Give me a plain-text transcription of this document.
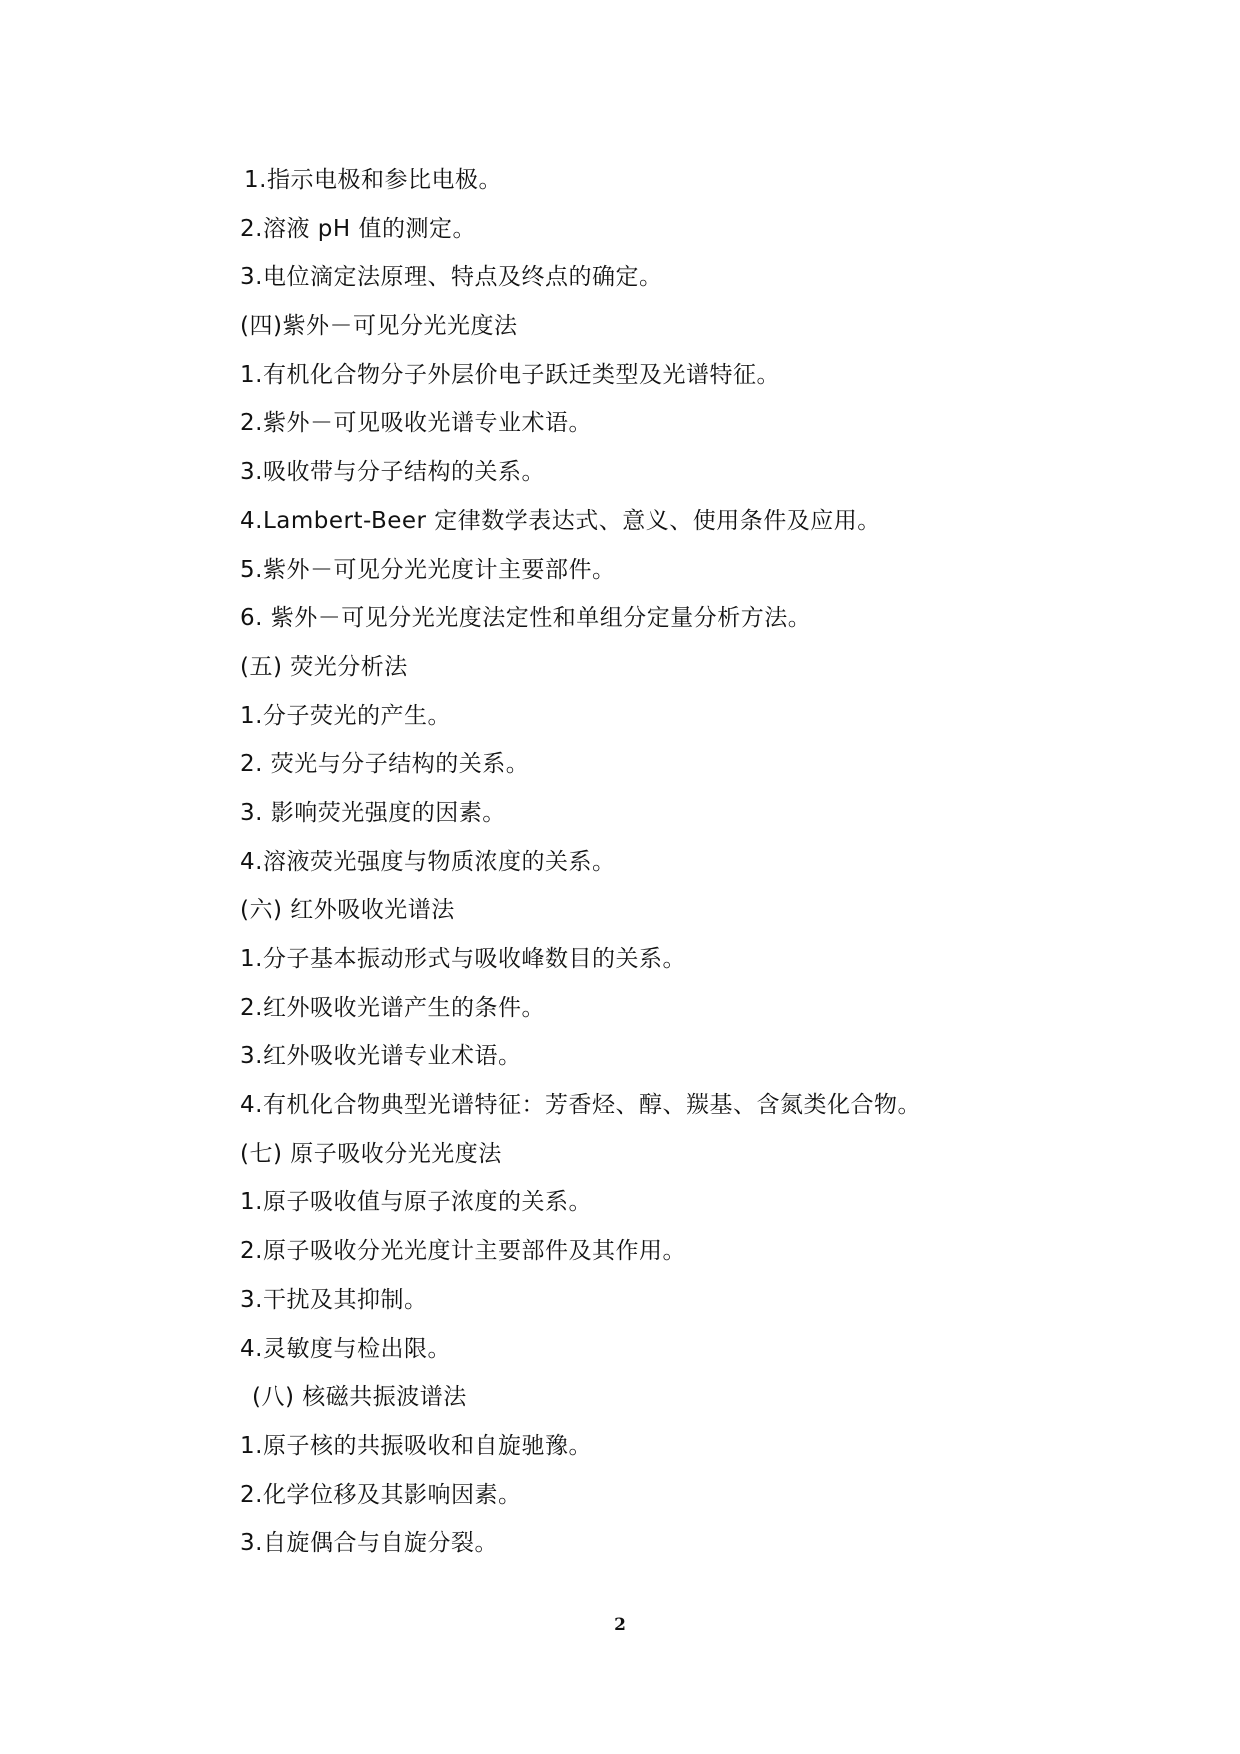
1.指示电极和参比电极。
2.溶液 pH 值的测定。
3.电位滴定法原理、特点及终点的确定。
(四)紫外－可见分光光度法
1.有机化合物分子外层价电子跃迁类型及光谱特征。
2.紫外－可见吸收光谱专业术语。
3.吸收带与分子结构的关系。
4.Lambert-Beer 定律数学表达式、意义、使用条件及应用。
5.紫外－可见分光光度计主要部件。
6. 紫外－可见分光光度法定性和单组分定量分析方法。
(五) 荧光分析法
1.分子荧光的产生。
2. 荧光与分子结构的关系。
3. 影响荧光强度的因素。
4.溶液荧光强度与物质浓度的关系。
(六) 红外吸收光谱法
1.分子基本振动形式与吸收峰数目的关系。
2.红外吸收光谱产生的条件。
3.红外吸收光谱专业术语。
4.有机化合物典型光谱特征：芳香烃、醇、羰基、含氮类化合物。
(七) 原子吸收分光光度法
1.原子吸收值与原子浓度的关系。
2.原子吸收分光光度计主要部件及其作用。
3.干扰及其抑制。
4.灵敏度与检出限。
(八) 核磁共振波谱法
1.原子核的共振吸收和自旋驰豫。
2.化学位移及其影响因素。
3.自旋偶合与自旋分裂。
2
